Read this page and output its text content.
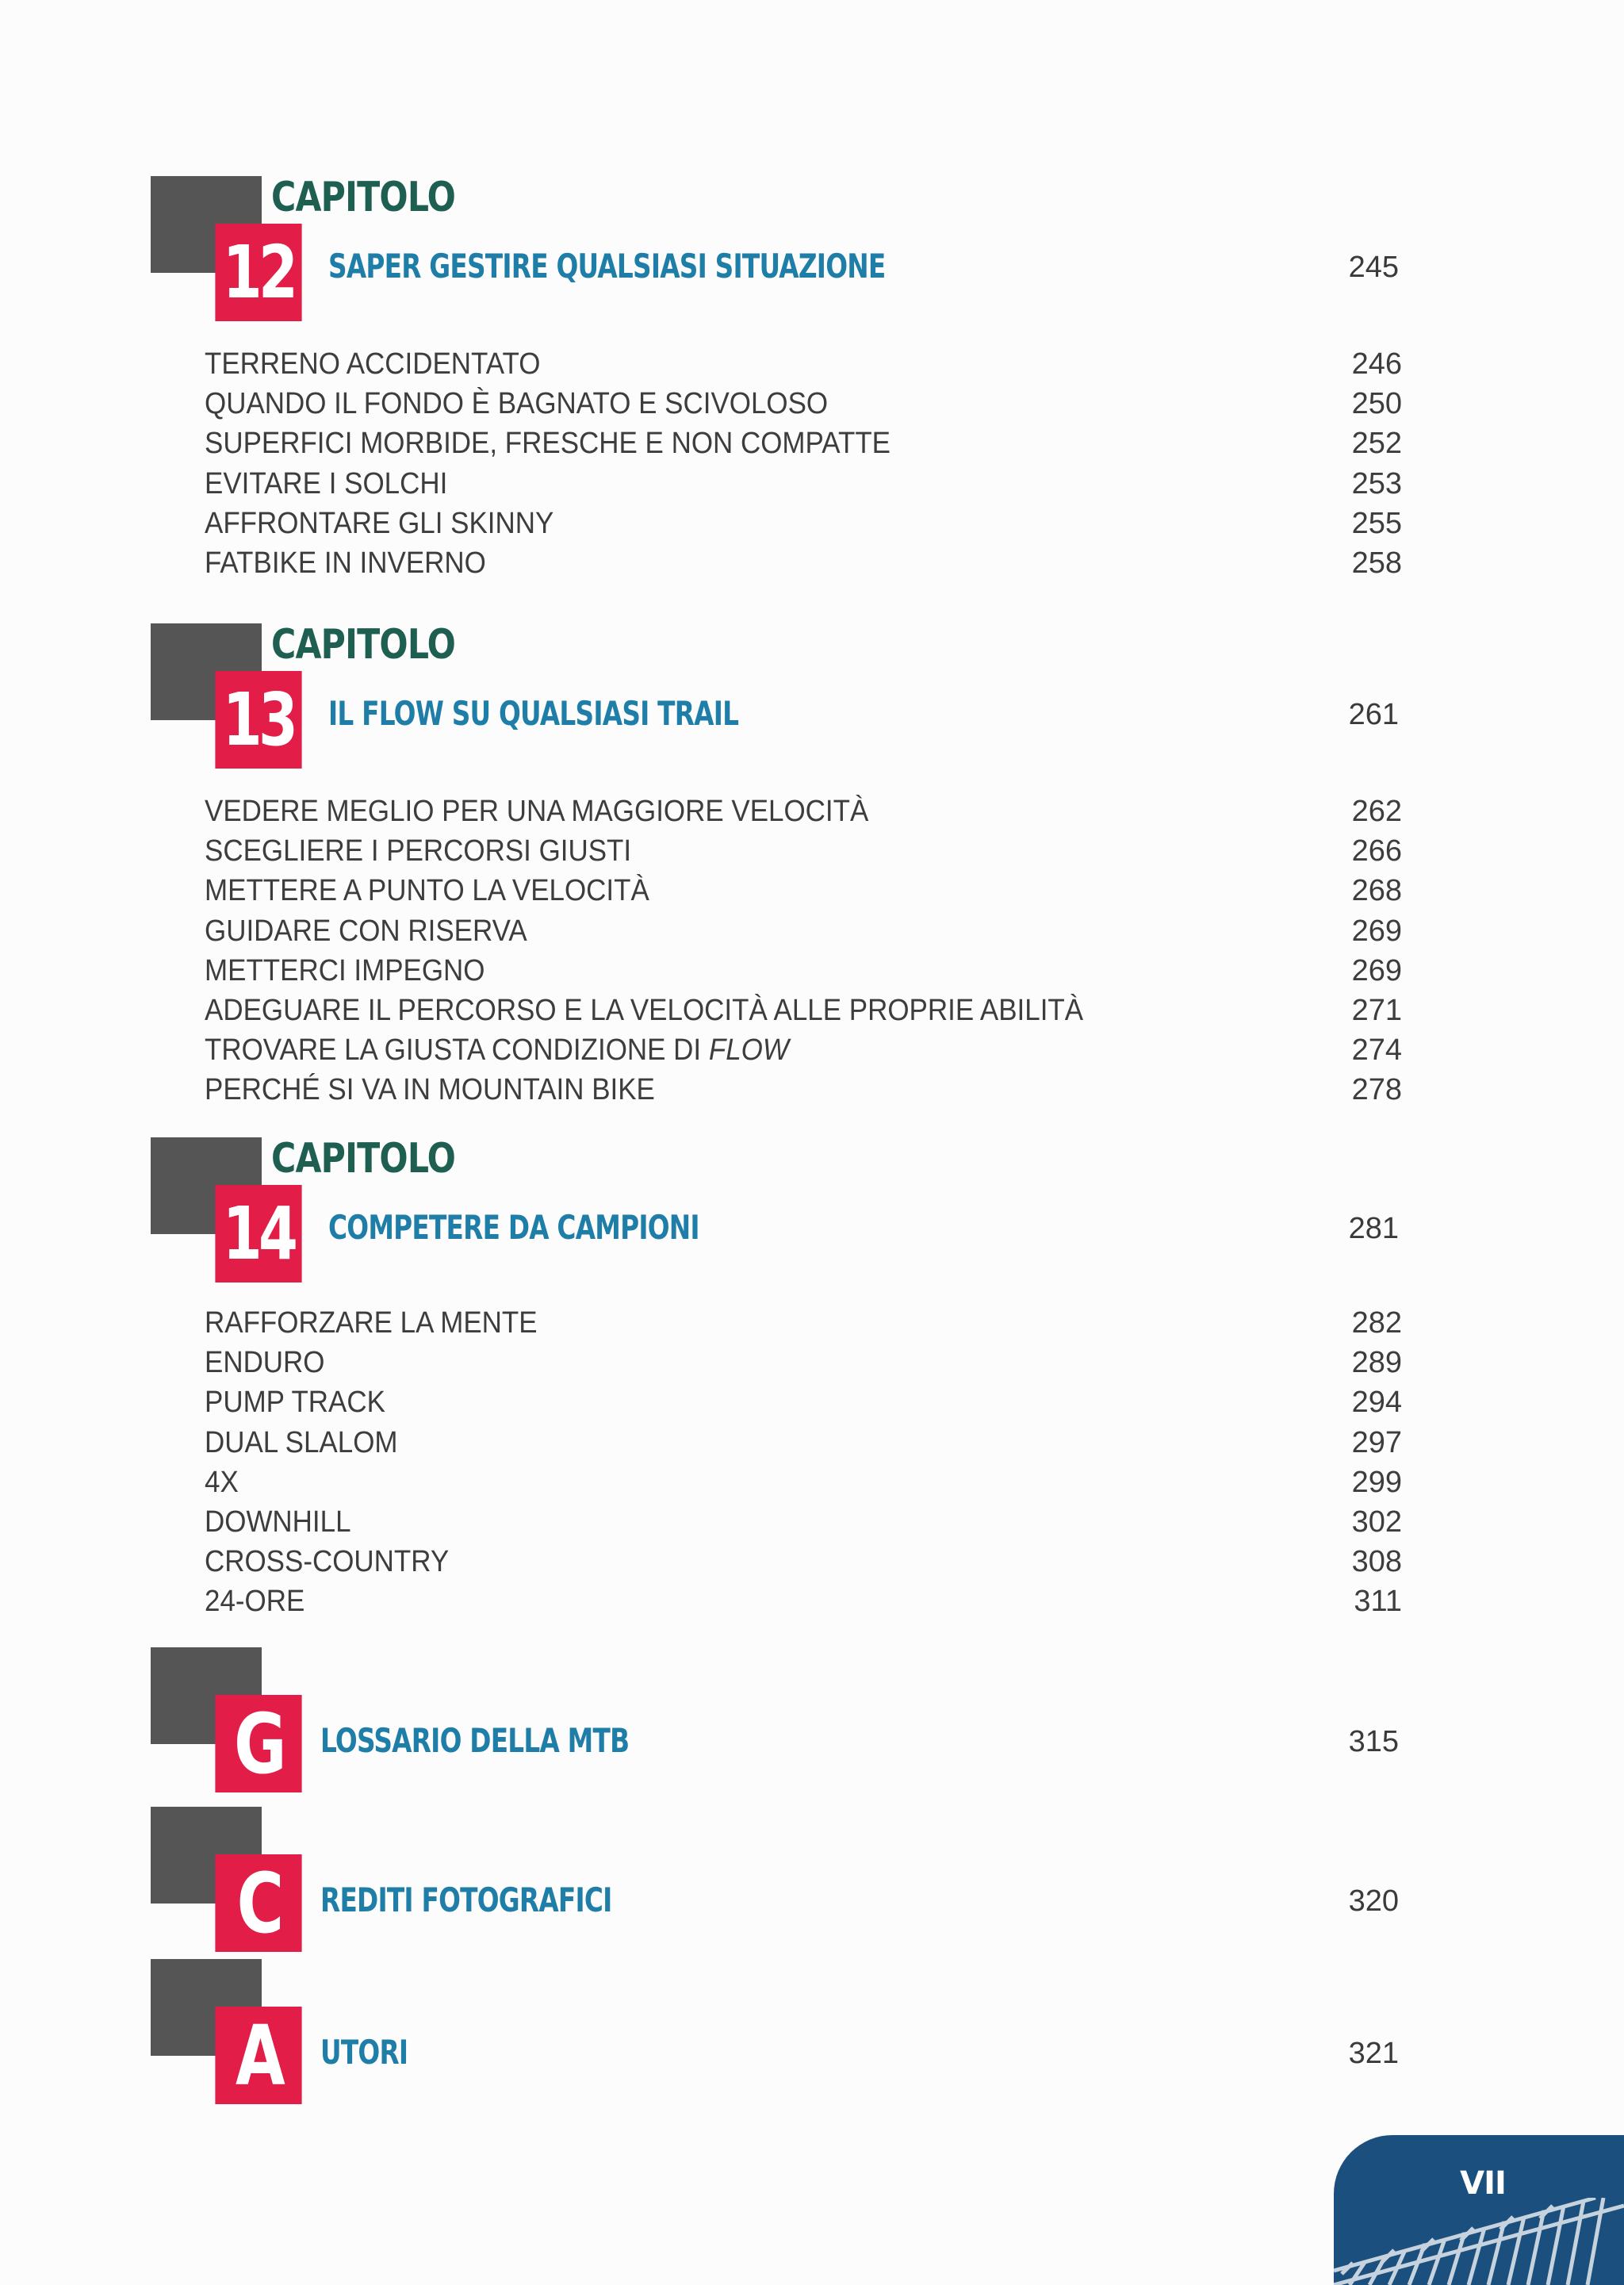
12
CAPITOLO
SAPER GESTIRE QUALSIASI SITUAZIONE	245
TERRENO ACCIDENTATO	246
QUANDO IL FONDO È BAGNATO E SCIVOLOSO	250
SUPERFICI MORBIDE, FRESCHE E NON COMPATTE	252
EVITARE I SOLCHI	253
AFFRONTARE GLI SKINNY	255
FATBIKE IN INVERNO	258
13
CAPITOLO
IL FLOW SU QUALSIASI TRAIL	261
VEDERE MEGLIO PER UNA MAGGIORE VELOCITÀ	262
SCEGLIERE I PERCORSI GIUSTI	266
METTERE A PUNTO LA VELOCITÀ	268
GUIDARE CON RISERVA	269
METTERCI IMPEGNO	269
ADEGUARE IL PERCORSO E LA VELOCITÀ ALLE PROPRIE ABILITÀ	271
TROVARE LA GIUSTA CONDIZIONE DI FLOW	274
PERCHÉ SI VA IN MOUNTAIN BIKE	278
14
CAPITOLO
COMPETERE DA CAMPIONI	281
RAFFORZARE LA MENTE	282
ENDURO	289
PUMP TRACK	294
DUAL SLALOM	297
4X	299
DOWNHILL	302
CROSS-COUNTRY	308
24-ORE	311
G	LOSSARIO DELLA MTB	315
C	REDITI FOTOGRAFICI	320
A	UTORI	321
VII
